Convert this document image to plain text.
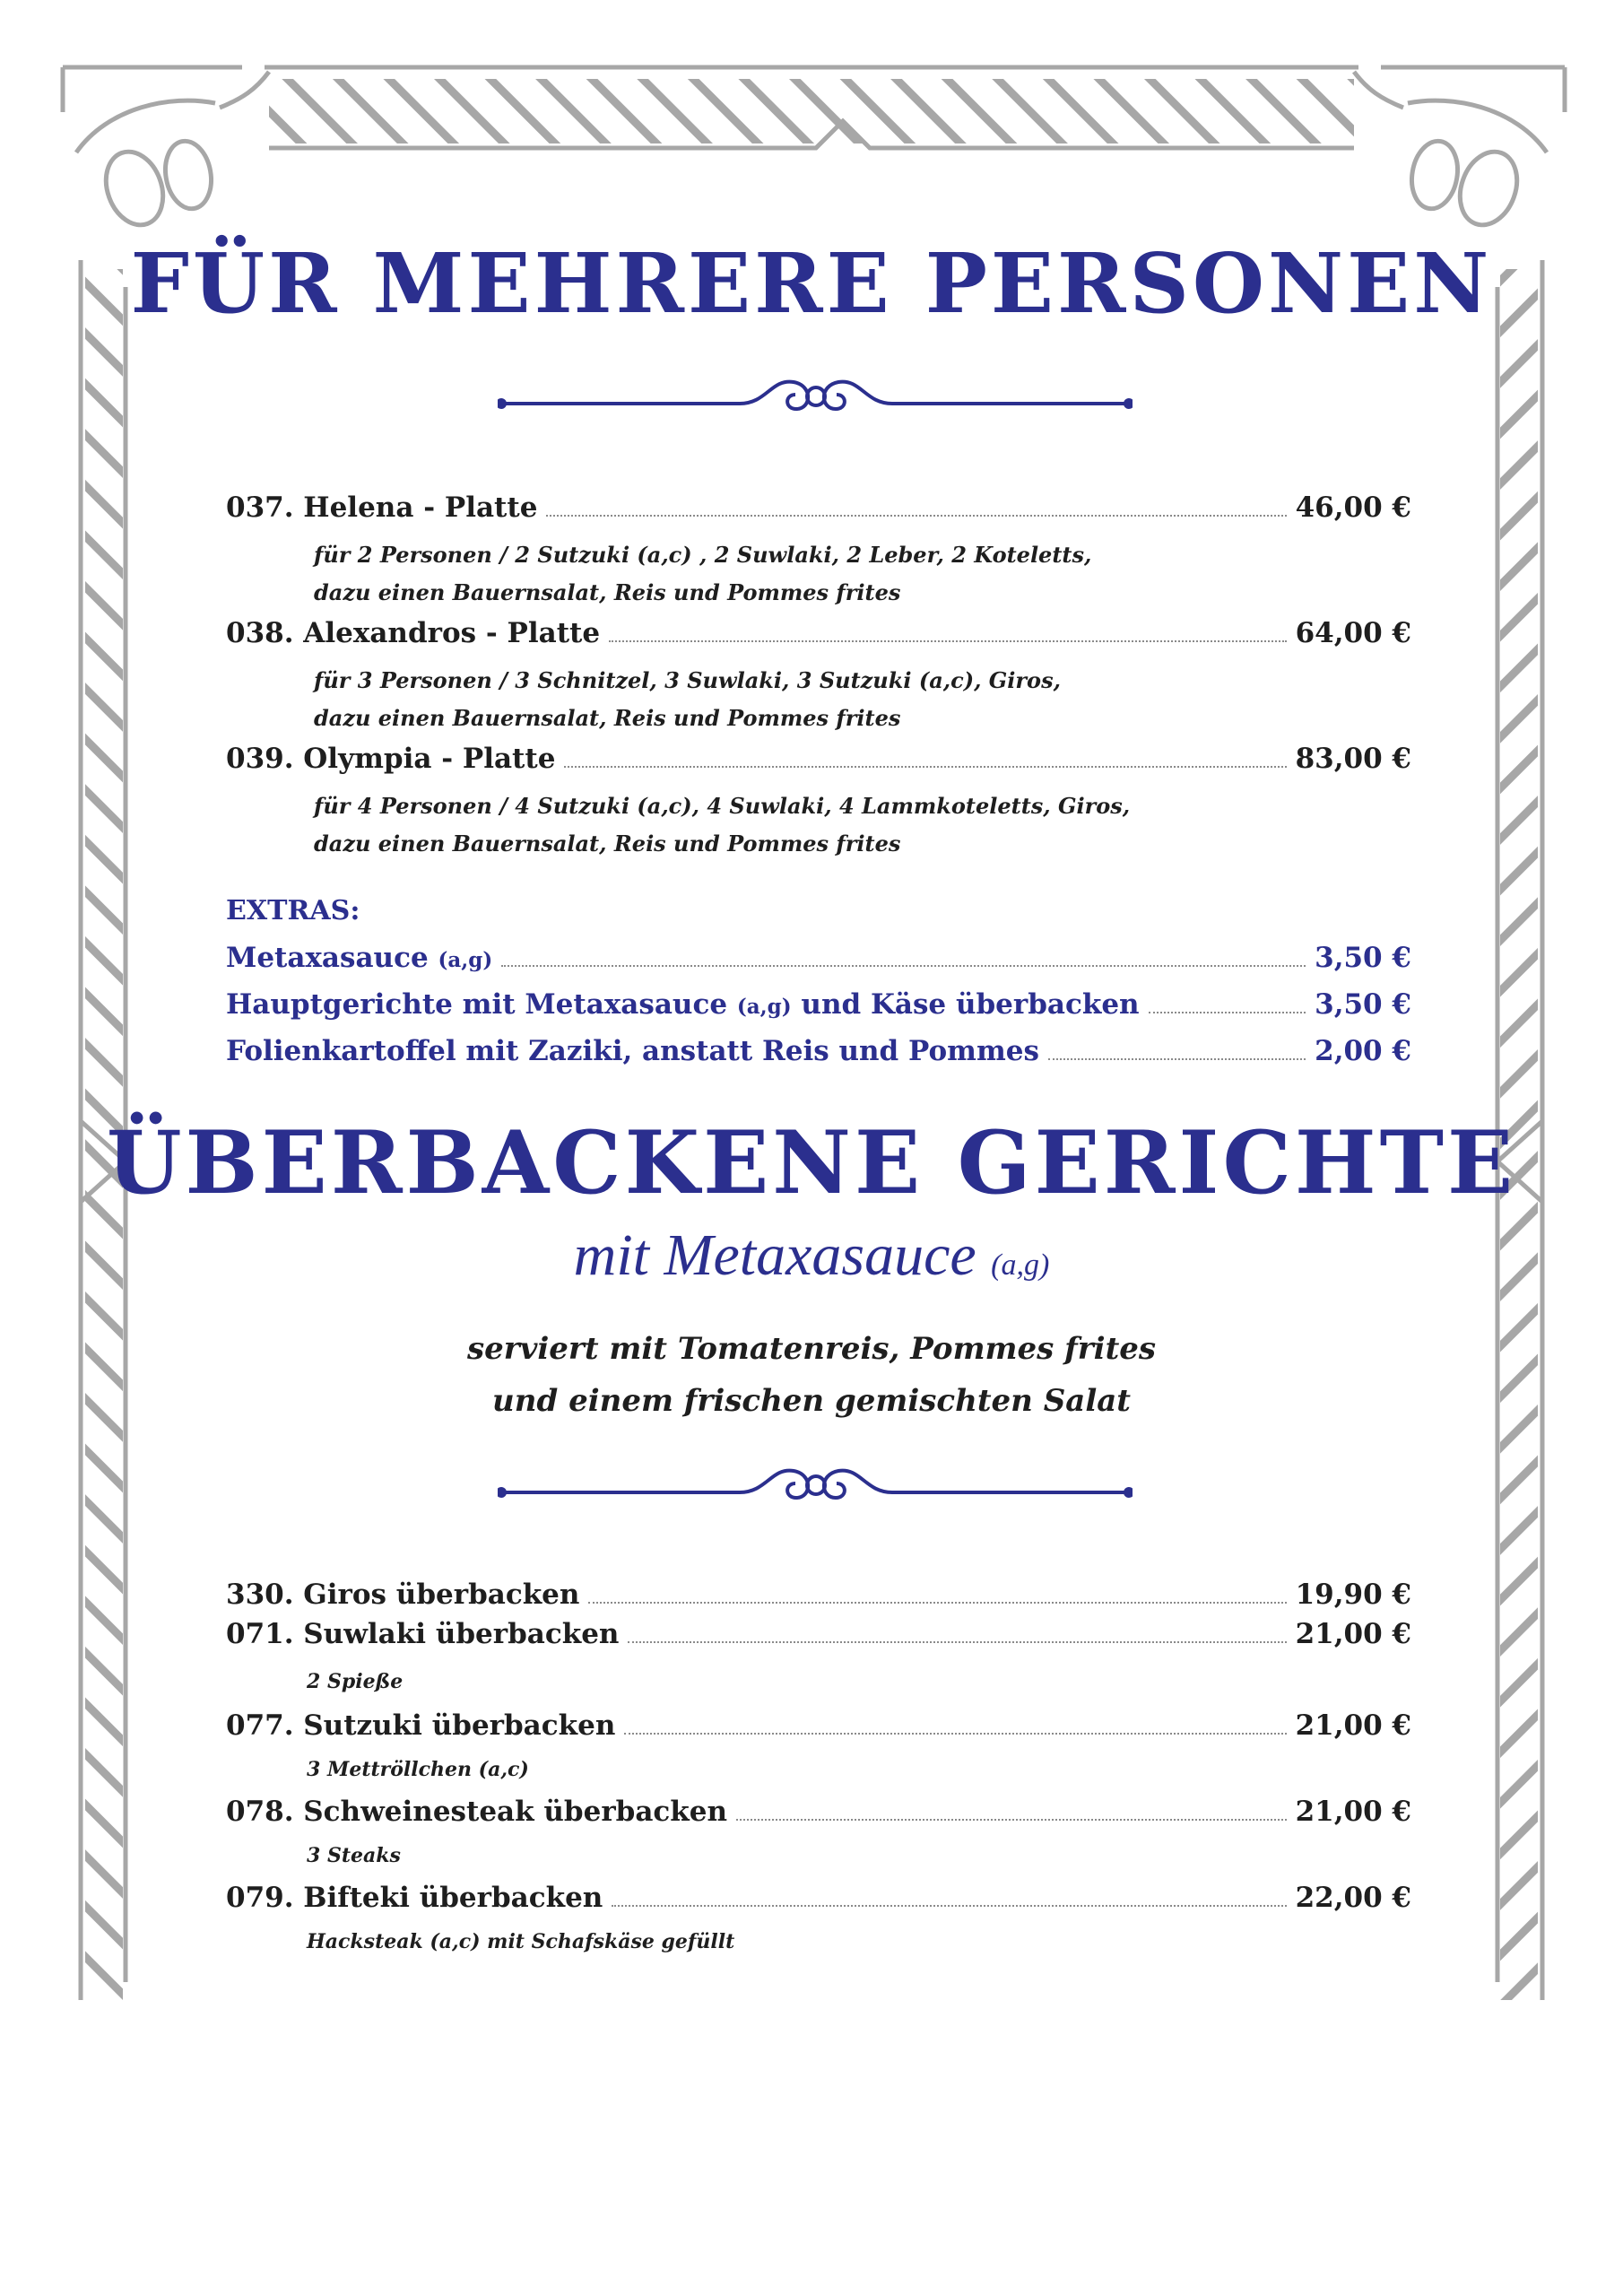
FÜR MEHRERE PERSONEN
037. Helena - Platte	46,00 €
für 2 Personen / 2 Sutzuki (a,c) , 2 Suwlaki, 2 Leber, 2 Koteletts,
dazu einen Bauernsalat, Reis und Pommes frites
038. Alexandros - Platte	64,00 €
für 3 Personen / 3 Schnitzel, 3 Suwlaki, 3 Sutzuki (a,c), Giros,
dazu einen Bauernsalat, Reis und Pommes frites
039. Olympia - Platte	83,00 €
für 4 Personen / 4 Sutzuki (a,c), 4 Suwlaki, 4 Lammkoteletts, Giros,
dazu einen Bauernsalat, Reis und Pommes frites
EXTRAS:
Metaxasauce (a,g)	3,50 €
Hauptgerichte mit Metaxasauce (a,g) und Käse überbacken	3,50 €
Folienkartoffel mit Zaziki, anstatt Reis und Pommes	2,00 €
ÜBERBACKENE GERICHTE
mit Metaxasauce (a,g)
serviert mit Tomatenreis, Pommes frites
und einem frischen gemischten Salat
330. Giros überbacken	19,90 €
071. Suwlaki überbacken	21,00 €
2 Spieße
077. Sutzuki überbacken	21,00 €
3 Mettröllchen (a,c)
078. Schweinesteak überbacken	21,00 €
3 Steaks
079. Bifteki überbacken	22,00 €
Hacksteak (a,c) mit Schafskäse gefüllt
